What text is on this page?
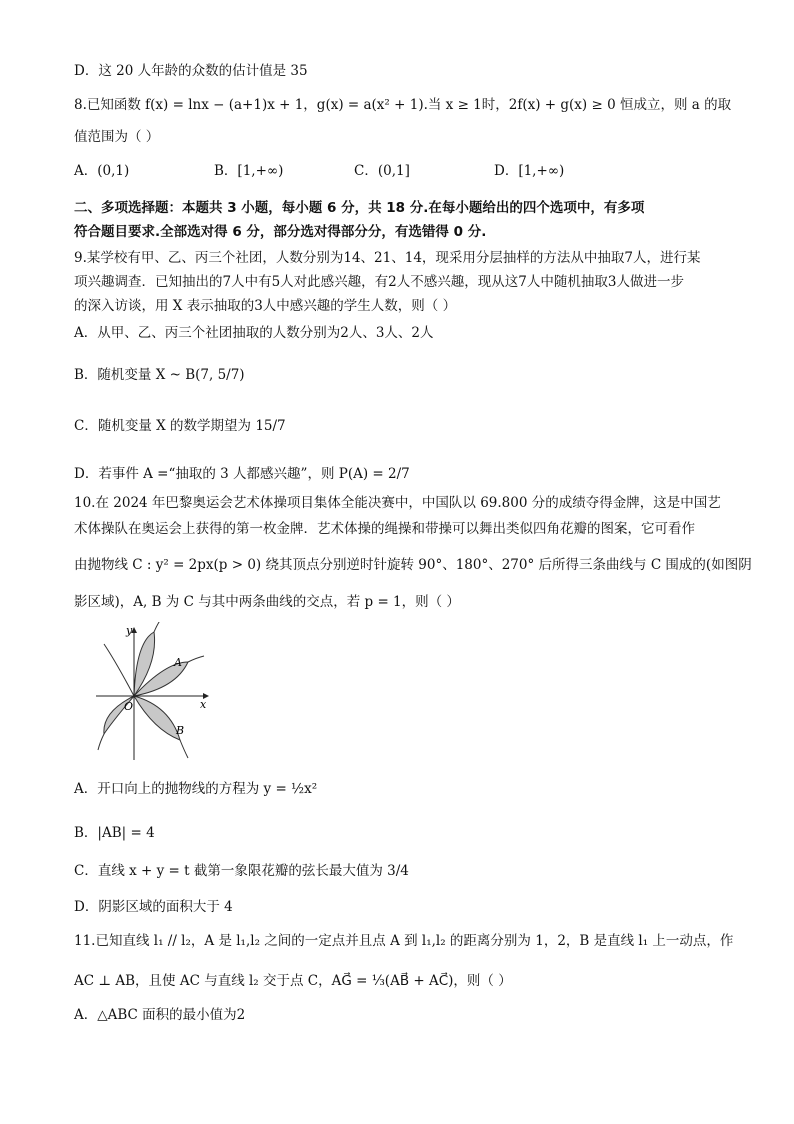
D．这 20 人年龄的众数的估计值是 35
8.已知函数 f(x) = lnx − (a+1)x + 1，g(x) = a(x² + 1).当 x ≥ 1时，2f(x) + g(x) ≥ 0 恒成立，则 a 的取
值范围为（ ）
A．(0,1)	B．[1,+∞)	C．(0,1]	D．[1,+∞)
二、多项选择题：本题共 3 小题，每小题 6 分，共 18 分.在每小题给出的四个选项中，有多项
符合题目要求.全部选对得 6 分，部分选对得部分分，有选错得 0 分.
9.某学校有甲、乙、丙三个社团，人数分别为14、21、14，现采用分层抽样的方法从中抽取7人，进行某
项兴趣调查．已知抽出的7人中有5人对此感兴趣，有2人不感兴趣，现从这7人中随机抽取3人做进一步
的深入访谈，用 X 表示抽取的3人中感兴趣的学生人数，则（ ）
A．从甲、乙、丙三个社团抽取的人数分别为2人、3人、2人
B．随机变量 X ~ B(7, 5/7)
C．随机变量 X 的数学期望为 15/7
D．若事件 A =“抽取的 3 人都感兴趣”，则 P(A) = 2/7
10.在 2024 年巴黎奥运会艺术体操项目集体全能决赛中，中国队以 69.800 分的成绩夺得金牌，这是中国艺
术体操队在奥运会上获得的第一枚金牌．艺术体操的绳操和带操可以舞出类似四角花瓣的图案，它可看作
由抛物线 C : y² = 2px(p > 0) 绕其顶点分别逆时针旋转 90°、180°、270° 后所得三条曲线与 C 围成的(如图阴
影区域)，A, B 为 C 与其中两条曲线的交点，若 p = 1，则（ ）
y
x
O
A
B
A．开口向上的抛物线的方程为 y = ½x²
B．|AB| = 4
C．直线 x + y = t 截第一象限花瓣的弦长最大值为 3/4
D．阴影区域的面积大于 4
11.已知直线 l₁ // l₂，A 是 l₁,l₂ 之间的一定点并且点 A 到 l₁,l₂ 的距离分别为 1，2，B 是直线 l₁ 上一动点，作
AC ⊥ AB，且使 AC 与直线 l₂ 交于点 C，AG⃗ = ⅓(AB⃗ + AC⃗)，则（ ）
A．△ABC 面积的最小值为2
